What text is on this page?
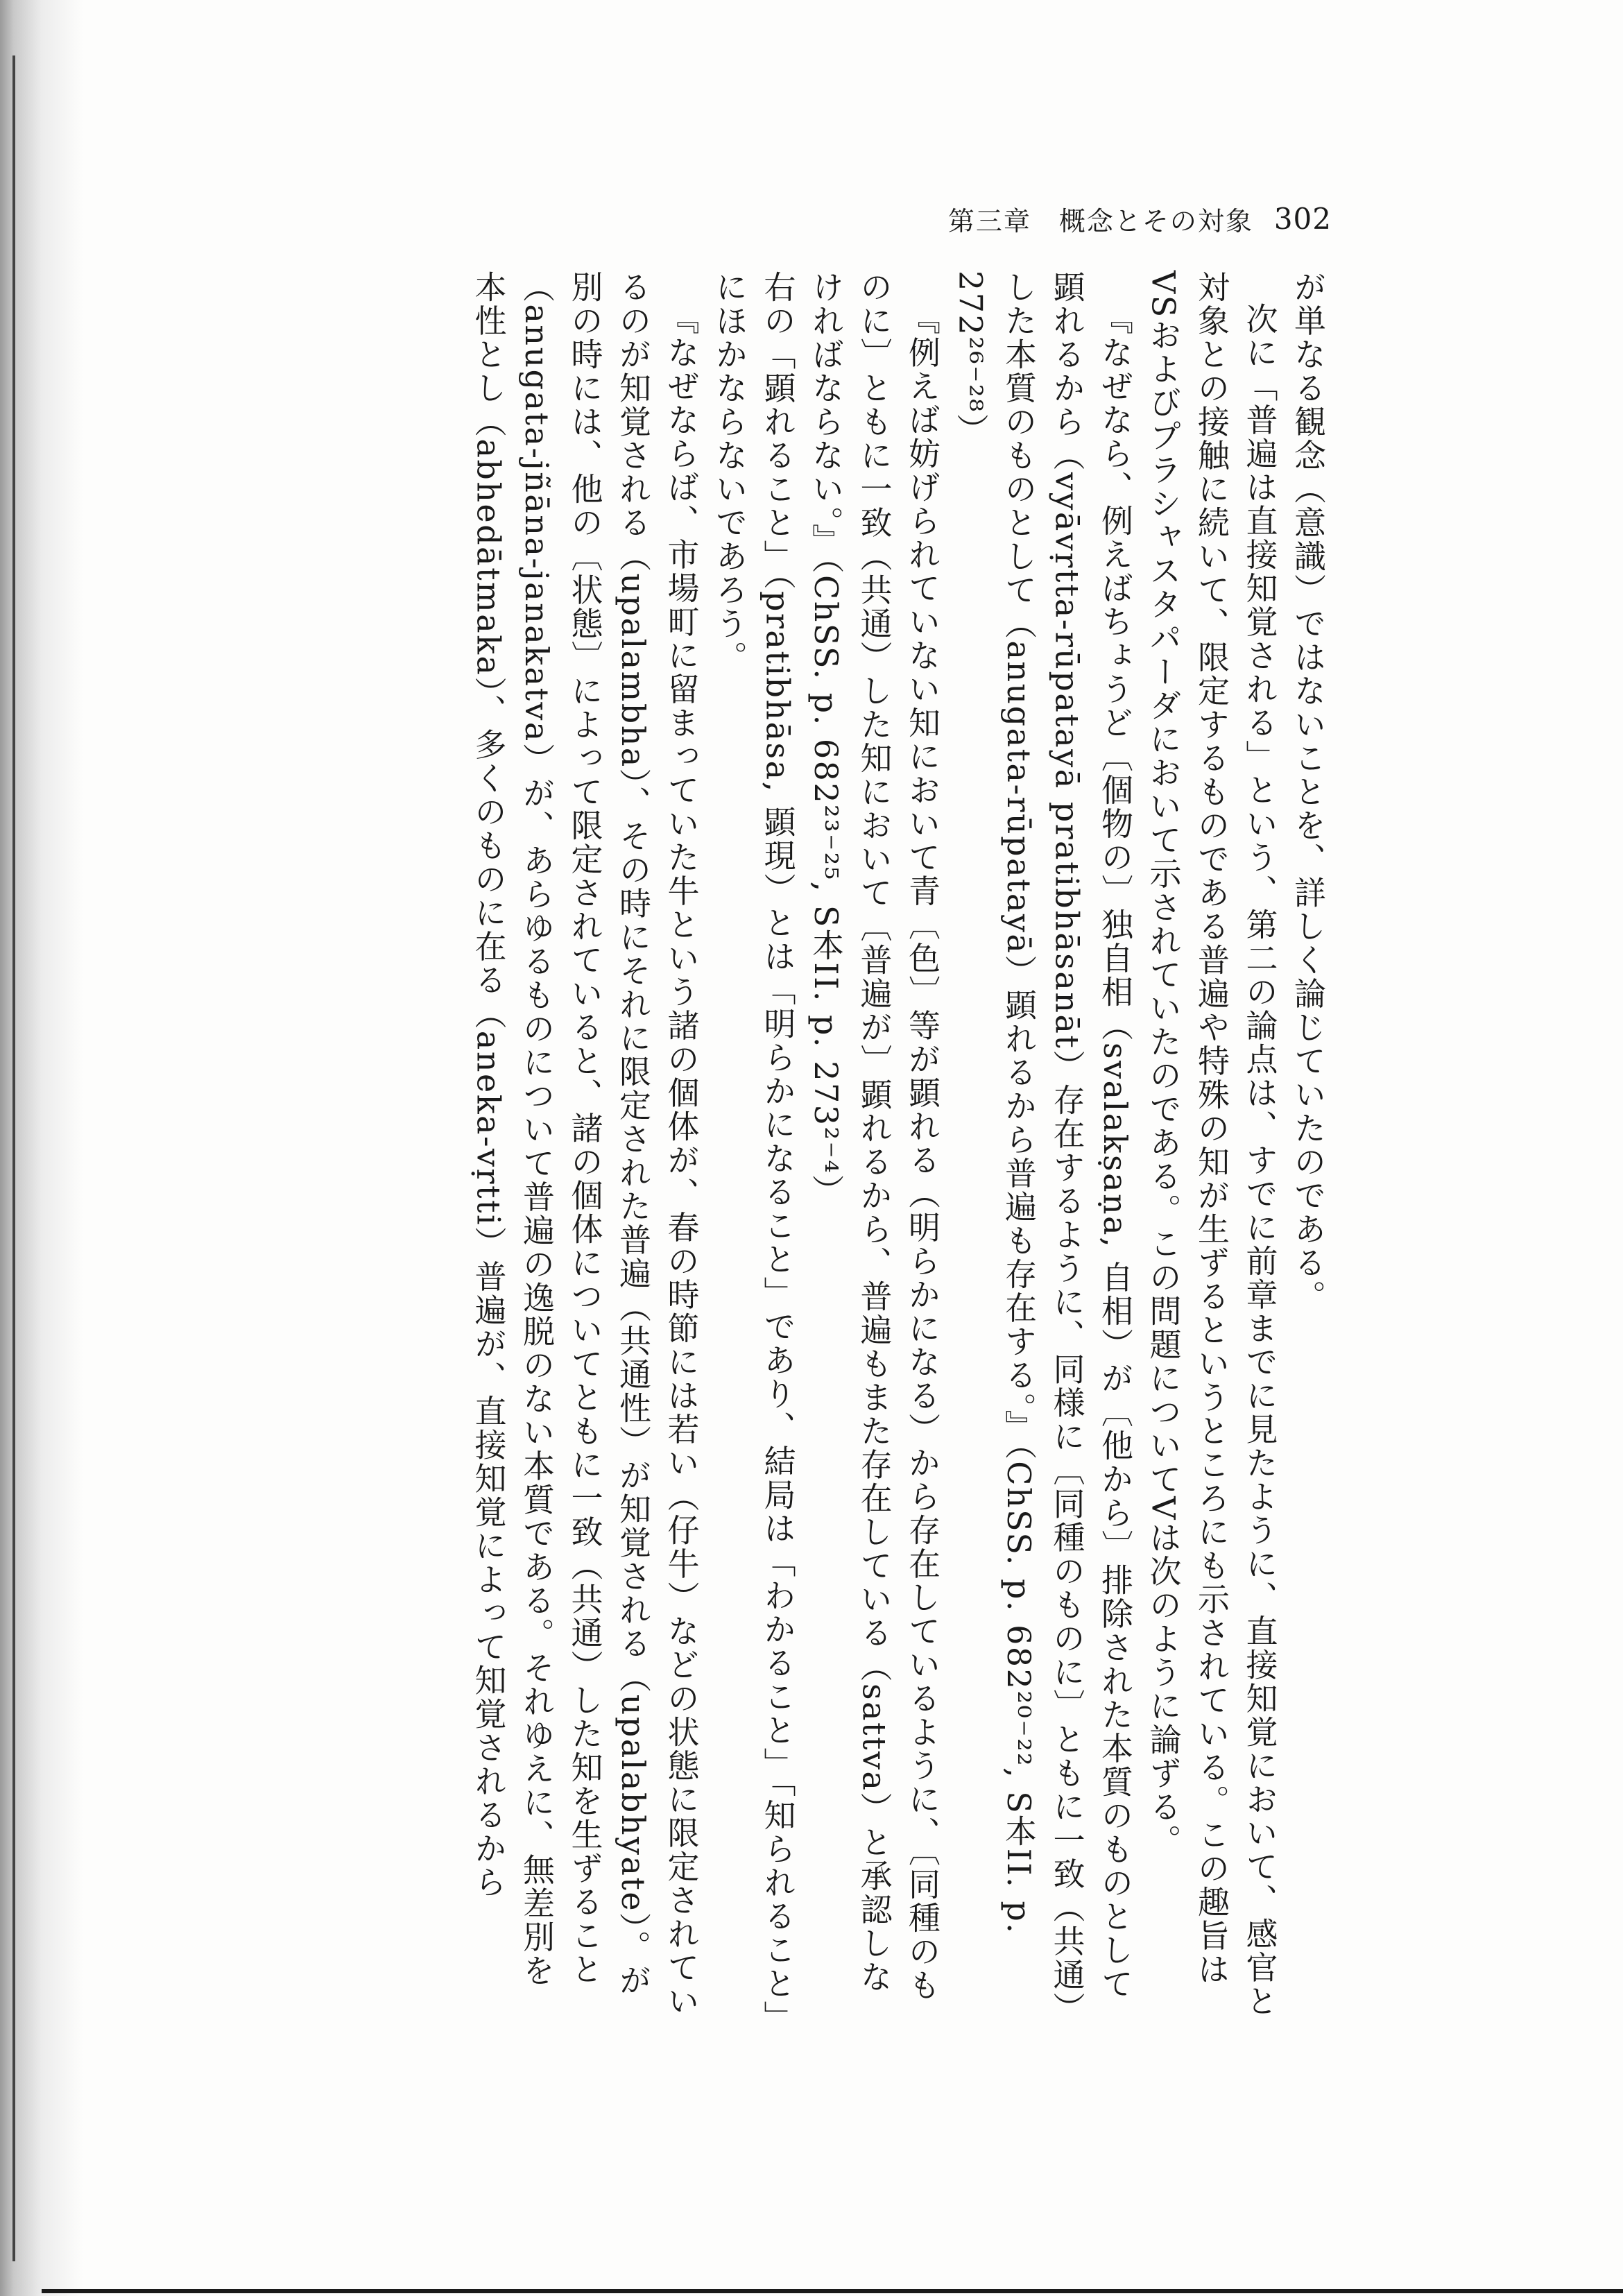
第三章　概念とその対象 302

が単なる観念（意識）ではないことを、詳しく論じていたのである。

次に「普遍は直接知覚される」という、第二の論点は、すでに前章までに見たように、直接知覚において、感官と対象との接触に続いて、限定するものである普遍や特殊の知が生ずるというところにも示されている。この趣旨はVSおよびプラシャスタパーダにおいて示されていたのである。この問題についてVは次のように論ずる。

『なぜなら、例えばちょうど〔個物の〕独自相（svalakṣaṇa, 自相）が〔他から〕排除された本質のものとして顕れるから（vyāvṛtta-rūpatayā pratibhāsanāt）存在するように、同様に〔同種のものに〕ともに一致（共通）した本質のものとして（anugata-rūpatayā）顕れるから普遍も存在する。』（ChSS. p. 682²⁰⁻²², S本II. p. 272²⁶⁻²⁸）

『例えば妨げられていない知において青〔色〕等が顕れる（明らかになる）から存在しているように、〔同種のものに〕ともに一致（共通）した知において〔普遍が〕顕れるから、普遍もまた存在している（sattva）と承認しなければならない。』（ChSS. p. 682²³⁻²⁵, S本II. p. 273²⁻⁴）

右の「顕れること」（pratibhāsa, 顕現）とは「明らかになること」であり、結局は「わかること」「知られること」にほかならないであろう。

『なぜならば、市場町に留まっていた牛という諸の個体が、春の時節には若い（仔牛）などの状態に限定されているのが知覚される（upalambha）、その時にそれに限定された普遍（共通性）が知覚される（upalabhyate）。が別の時には、他の〔状態〕によって限定されていると、諸の個体についてともに一致（共通）した知を生ずること（anugata-jñāna-janakatva）が、あらゆるものについて普遍の逸脱のない本質である。それゆえに、無差別を本性とし（abhedātmaka）、多くのものに在る（aneka-vṛtti）普遍が、直接知覚によって知覚されるから
